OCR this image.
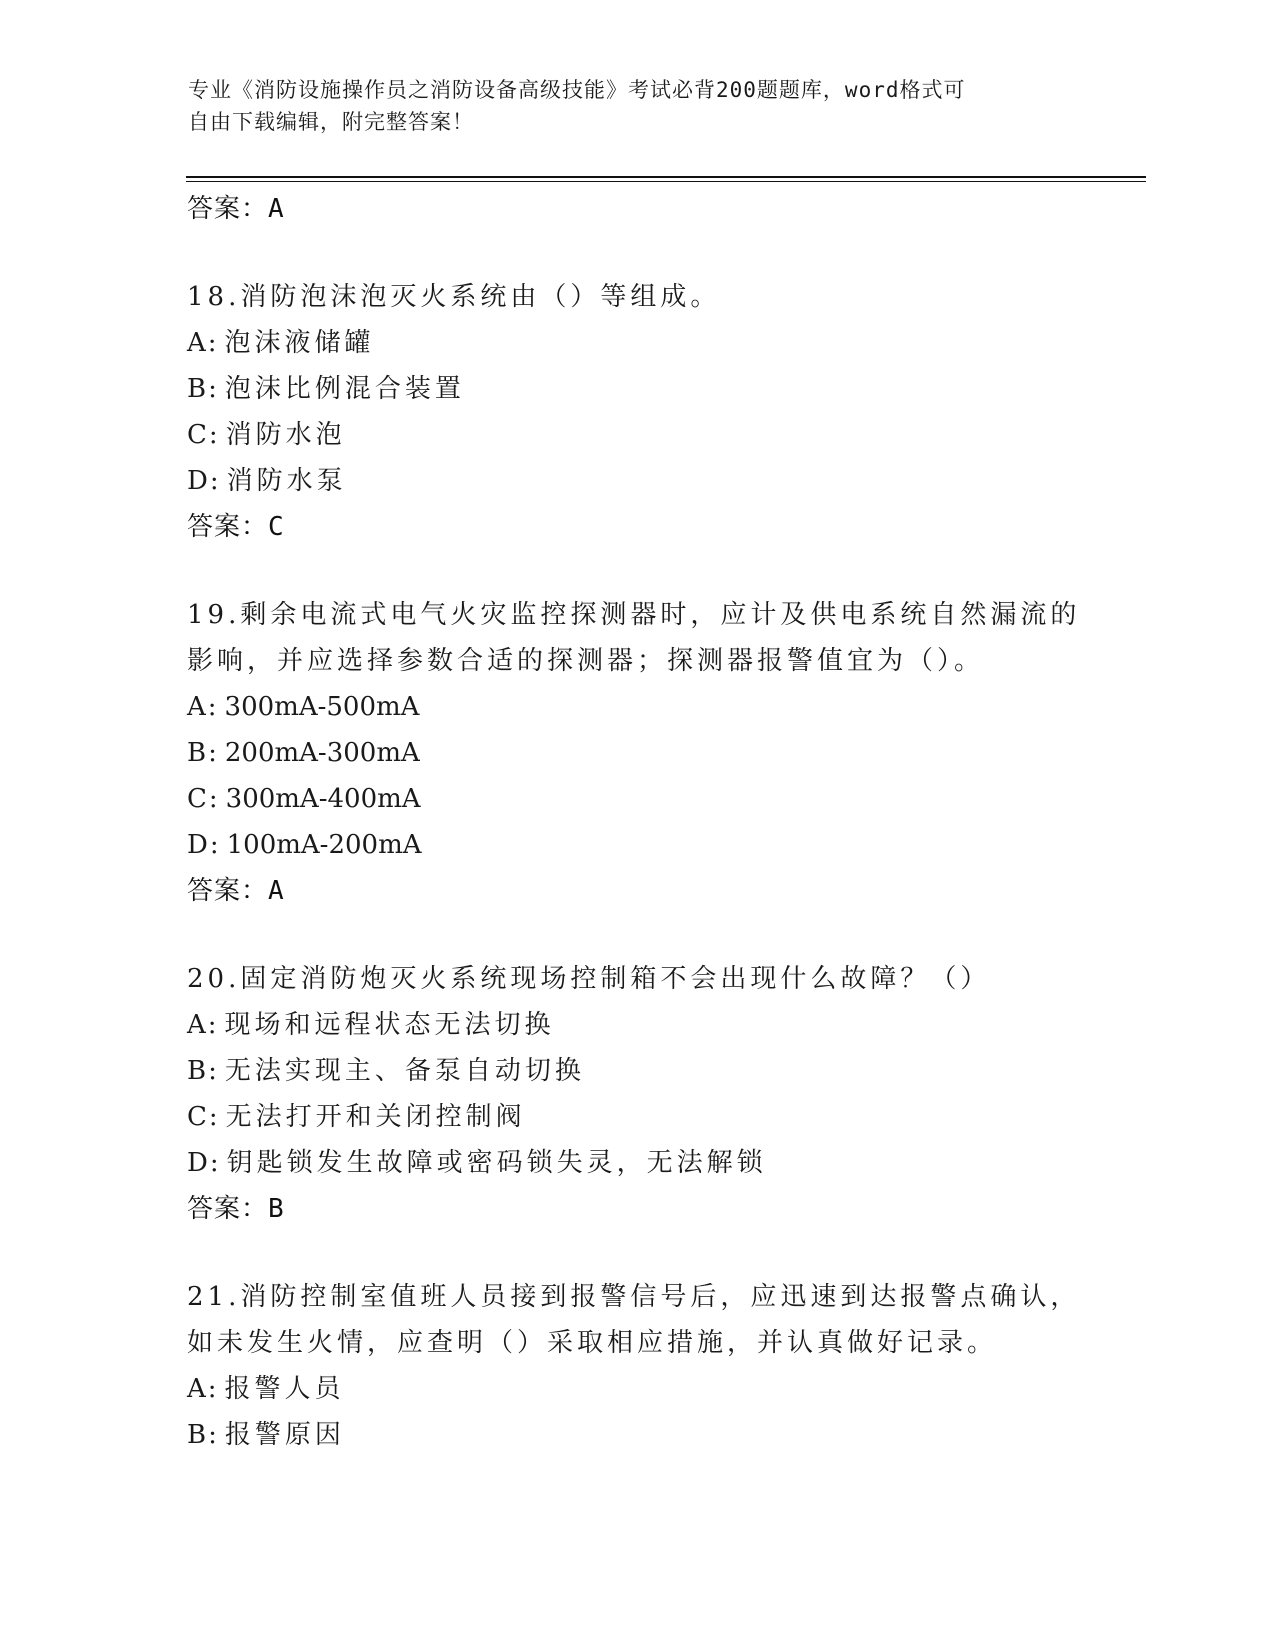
专业《消防设施操作员之消防设备高级技能》考试必背200题题库，word格式可
自由下载编辑，附完整答案！
答案：A
18.消防泡沫泡灭火系统由（）等组成。
A: 泡沫液储罐
B: 泡沫比例混合装置
C: 消防水泡
D: 消防水泵
答案：C
19.剩余电流式电气火灾监控探测器时，应计及供电系统自然漏流的影响，并应选择参数合适的探测器；探测器报警值宜为（）。
A: 300mA-500mA
B: 200mA-300mA
C: 300mA-400mA
D: 100mA-200mA
答案：A
20.固定消防炮灭火系统现场控制箱不会出现什么故障？（）
A: 现场和远程状态无法切换
B: 无法实现主、备泵自动切换
C: 无法打开和关闭控制阀
D: 钥匙锁发生故障或密码锁失灵，无法解锁
答案：B
21.消防控制室值班人员接到报警信号后，应迅速到达报警点确认，如未发生火情，应查明（）采取相应措施，并认真做好记录。
A: 报警人员
B: 报警原因
